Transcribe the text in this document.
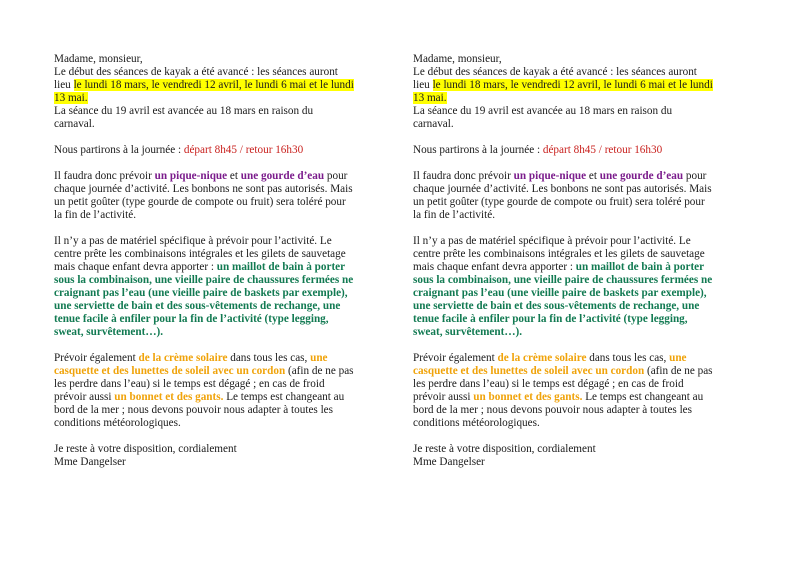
Madame, monsieur,

Le début des séances de kayak a été avancé : les séances auront lieu le lundi 18 mars, le vendredi 12 avril, le lundi 6 mai et le lundi 13 mai.
La séance du 19 avril est avancée au 18 mars en raison du carnaval.

Nous partirons à la journée : départ 8h45 / retour 16h30

Il faudra donc prévoir un pique-nique et une gourde d’eau pour chaque journée d’activité. Les bonbons ne sont pas autorisés. Mais un petit goûter (type gourde de compote ou fruit) sera toléré pour la fin de l’activité.

Il n’y a pas de matériel spécifique à prévoir pour l’activité. Le centre prête les combinaisons intégrales et les gilets de sauvetage mais chaque enfant devra apporter : un maillot de bain à porter sous la combinaison, une vieille paire de chaussures fermées ne craignant pas l’eau (une vieille paire de baskets par exemple), une serviette de bain et des sous-vêtements de rechange, une tenue facile à enfiler pour la fin de l’activité (type legging, sweat, survêtement…).

Prévoir également de la crème solaire dans tous les cas, une casquette et des lunettes de soleil avec un cordon (afin de ne pas les perdre dans l’eau) si le temps est dégagé ; en cas de froid prévoir aussi un bonnet et des gants. Le temps est changeant au bord de la mer ; nous devons pouvoir nous adapter à toutes les conditions météorologiques.

Je reste à votre disposition, cordialement
Mme Dangelser
Madame, monsieur,

Le début des séances de kayak a été avancé : les séances auront lieu le lundi 18 mars, le vendredi 12 avril, le lundi 6 mai et le lundi 13 mai.
La séance du 19 avril est avancée au 18 mars en raison du carnaval.

Nous partirons à la journée : départ 8h45 / retour 16h30

Il faudra donc prévoir un pique-nique et une gourde d’eau pour chaque journée d’activité. Les bonbons ne sont pas autorisés. Mais un petit goûter (type gourde de compote ou fruit) sera toléré pour la fin de l’activité.

Il n’y a pas de matériel spécifique à prévoir pour l’activité. Le centre prête les combinaisons intégrales et les gilets de sauvetage mais chaque enfant devra apporter : un maillot de bain à porter sous la combinaison, une vieille paire de chaussures fermées ne craignant pas l’eau (une vieille paire de baskets par exemple), une serviette de bain et des sous-vêtements de rechange, une tenue facile à enfiler pour la fin de l’activité (type legging, sweat, survêtement…).

Prévoir également de la crème solaire dans tous les cas, une casquette et des lunettes de soleil avec un cordon (afin de ne pas les perdre dans l’eau) si le temps est dégagé ; en cas de froid prévoir aussi un bonnet et des gants. Le temps est changeant au bord de la mer ; nous devons pouvoir nous adapter à toutes les conditions météorologiques.

Je reste à votre disposition, cordialement
Mme Dangelser
